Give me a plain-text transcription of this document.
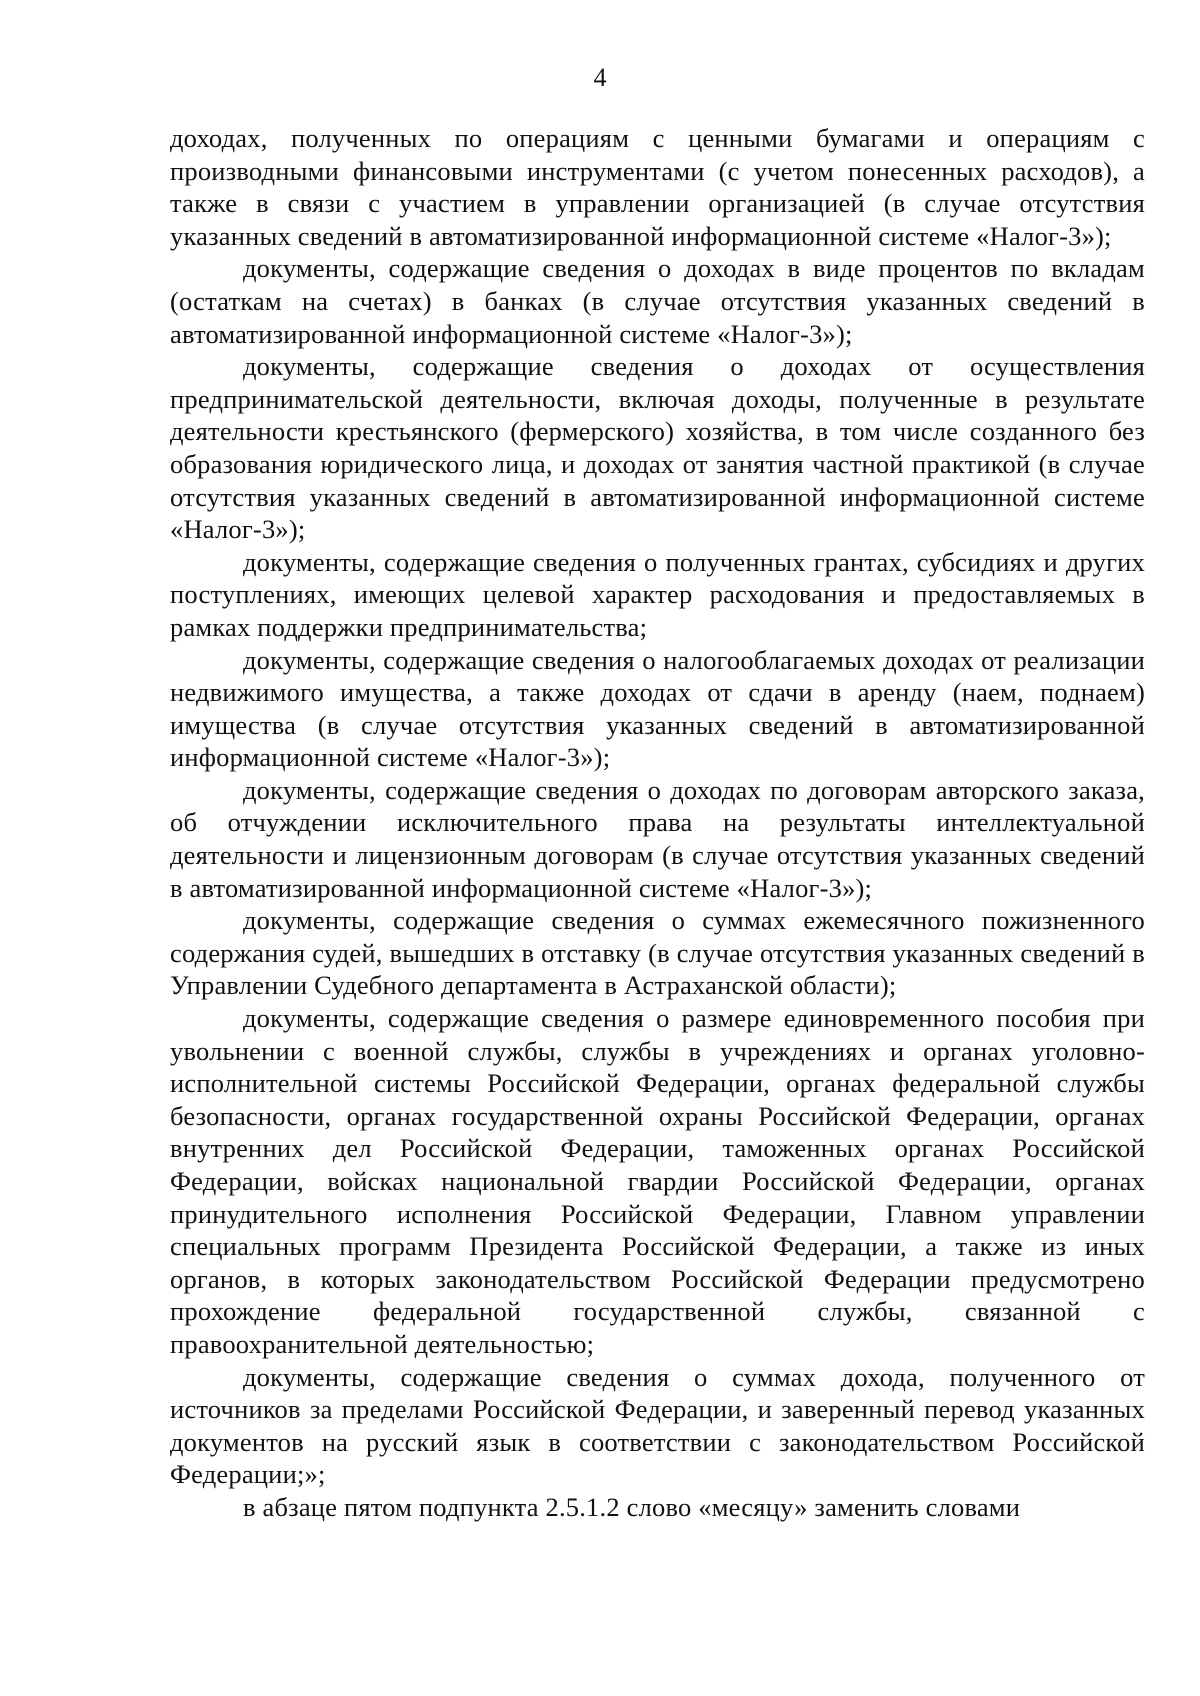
4

доходах, полученных по операциям с ценными бумагами и операциям с производными финансовыми инструментами (с учетом понесенных расходов), а также в связи с участием в управлении организацией (в случае отсутствия указанных сведений в автоматизированной информационной системе «Налог-3»);

документы, содержащие сведения о доходах в виде процентов по вкладам (остаткам на счетах) в банках (в случае отсутствия указанных сведений в автоматизированной информационной системе «Налог-3»);

документы, содержащие сведения о доходах от осуществления предпринимательской деятельности, включая доходы, полученные в результате деятельности крестьянского (фермерского) хозяйства, в том числе созданного без образования юридического лица, и доходах от занятия частной практикой (в случае отсутствия указанных сведений в автоматизированной информационной системе «Налог-3»);

документы, содержащие сведения о полученных грантах, субсидиях и других поступлениях, имеющих целевой характер расходования и предоставляемых в рамках поддержки предпринимательства;

документы, содержащие сведения о налогооблагаемых доходах от реализации недвижимого имущества, а также доходах от сдачи в аренду (наем, поднаем) имущества (в случае отсутствия указанных сведений в автоматизированной информационной системе «Налог-3»);

документы, содержащие сведения о доходах по договорам авторского заказа, об отчуждении исключительного права на результаты интеллектуальной деятельности и лицензионным договорам (в случае отсутствия указанных сведений в автоматизированной информационной системе «Налог-3»);

документы, содержащие сведения о суммах ежемесячного пожизненного содержания судей, вышедших в отставку (в случае отсутствия указанных сведений в Управлении Судебного департамента в Астраханской области);

документы, содержащие сведения о размере единовременного пособия при увольнении с военной службы, службы в учреждениях и органах уголовно-исполнительной системы Российской Федерации, органах федеральной службы безопасности, органах государственной охраны Российской Федерации, органах внутренних дел Российской Федерации, таможенных органах Российской Федерации, войсках национальной гвардии Российской Федерации, органах принудительного исполнения Российской Федерации, Главном управлении специальных программ Президента Российской Федерации, а также из иных органов, в которых законодательством Российской Федерации предусмотрено прохождение федеральной государственной службы, связанной с правоохранительной деятельностью;

документы, содержащие сведения о суммах дохода, полученного от источников за пределами Российской Федерации, и заверенный перевод указанных документов на русский язык в соответствии с законодательством Российской Федерации;»;

в абзаце пятом подпункта 2.5.1.2 слово «месяцу» заменить словами
